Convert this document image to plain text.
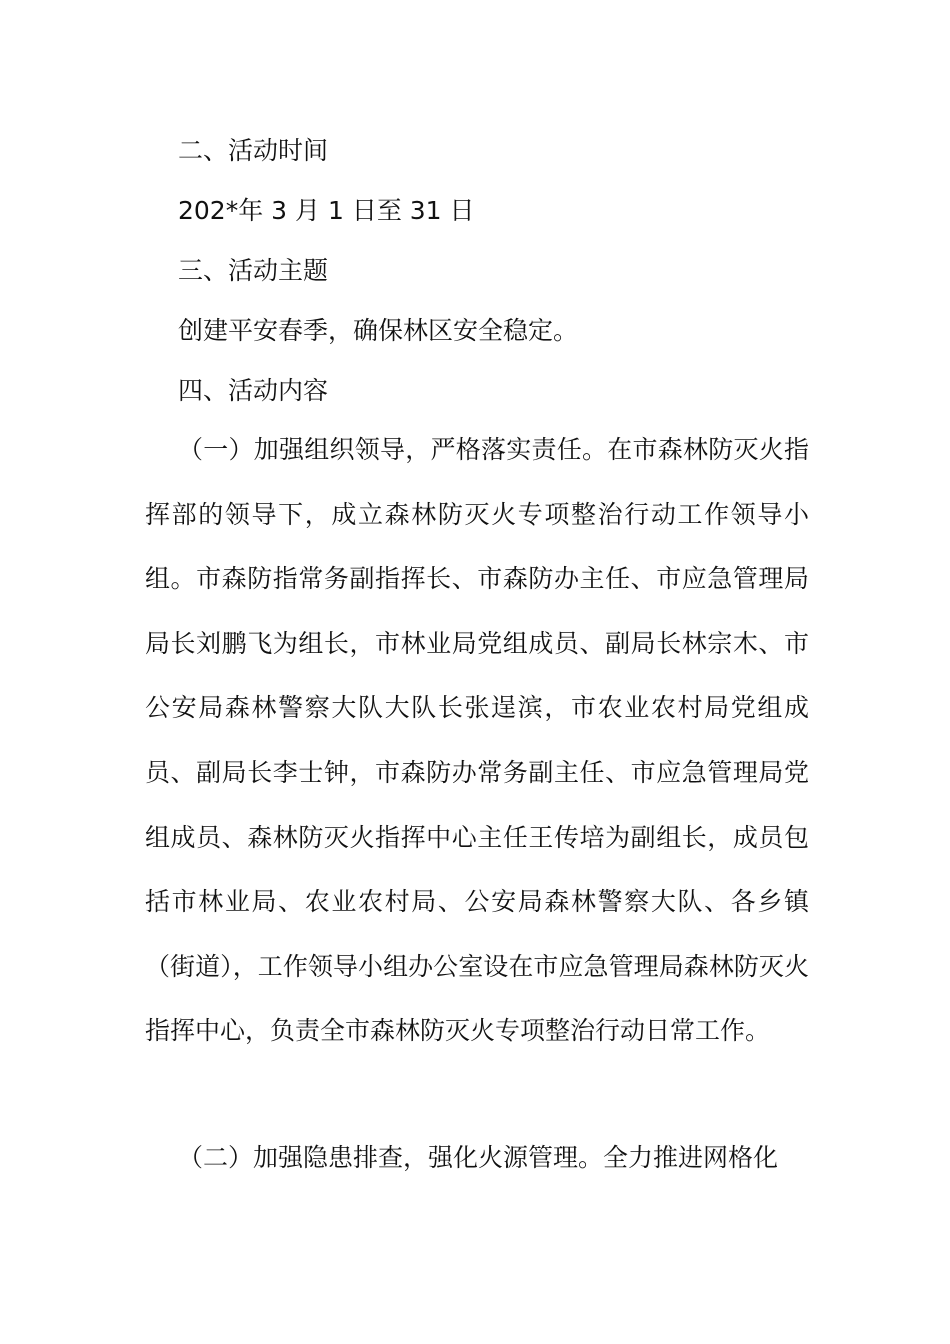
二、活动时间

202*年 3 月 1 日至 31 日

三、活动主题

创建平安春季，确保林区安全稳定。

四、活动内容

（一）加强组织领导，严格落实责任。在市森林防灭火指挥部的领导下，成立森林防灭火专项整治行动工作领导小组。市森防指常务副指挥长、市森防办主任、市应急管理局局长刘鹏飞为组长，市林业局党组成员、副局长林宗木、市公安局森林警察大队大队长张逞滨，市农业农村局党组成员、副局长李士钟，市森防办常务副主任、市应急管理局党组成员、森林防灭火指挥中心主任王传培为副组长，成员包括市林业局、农业农村局、公安局森林警察大队、各乡镇（街道），工作领导小组办公室设在市应急管理局森林防灭火指挥中心，负责全市森林防灭火专项整治行动日常工作。

（二）加强隐患排查，强化火源管理。全力推进网格化
